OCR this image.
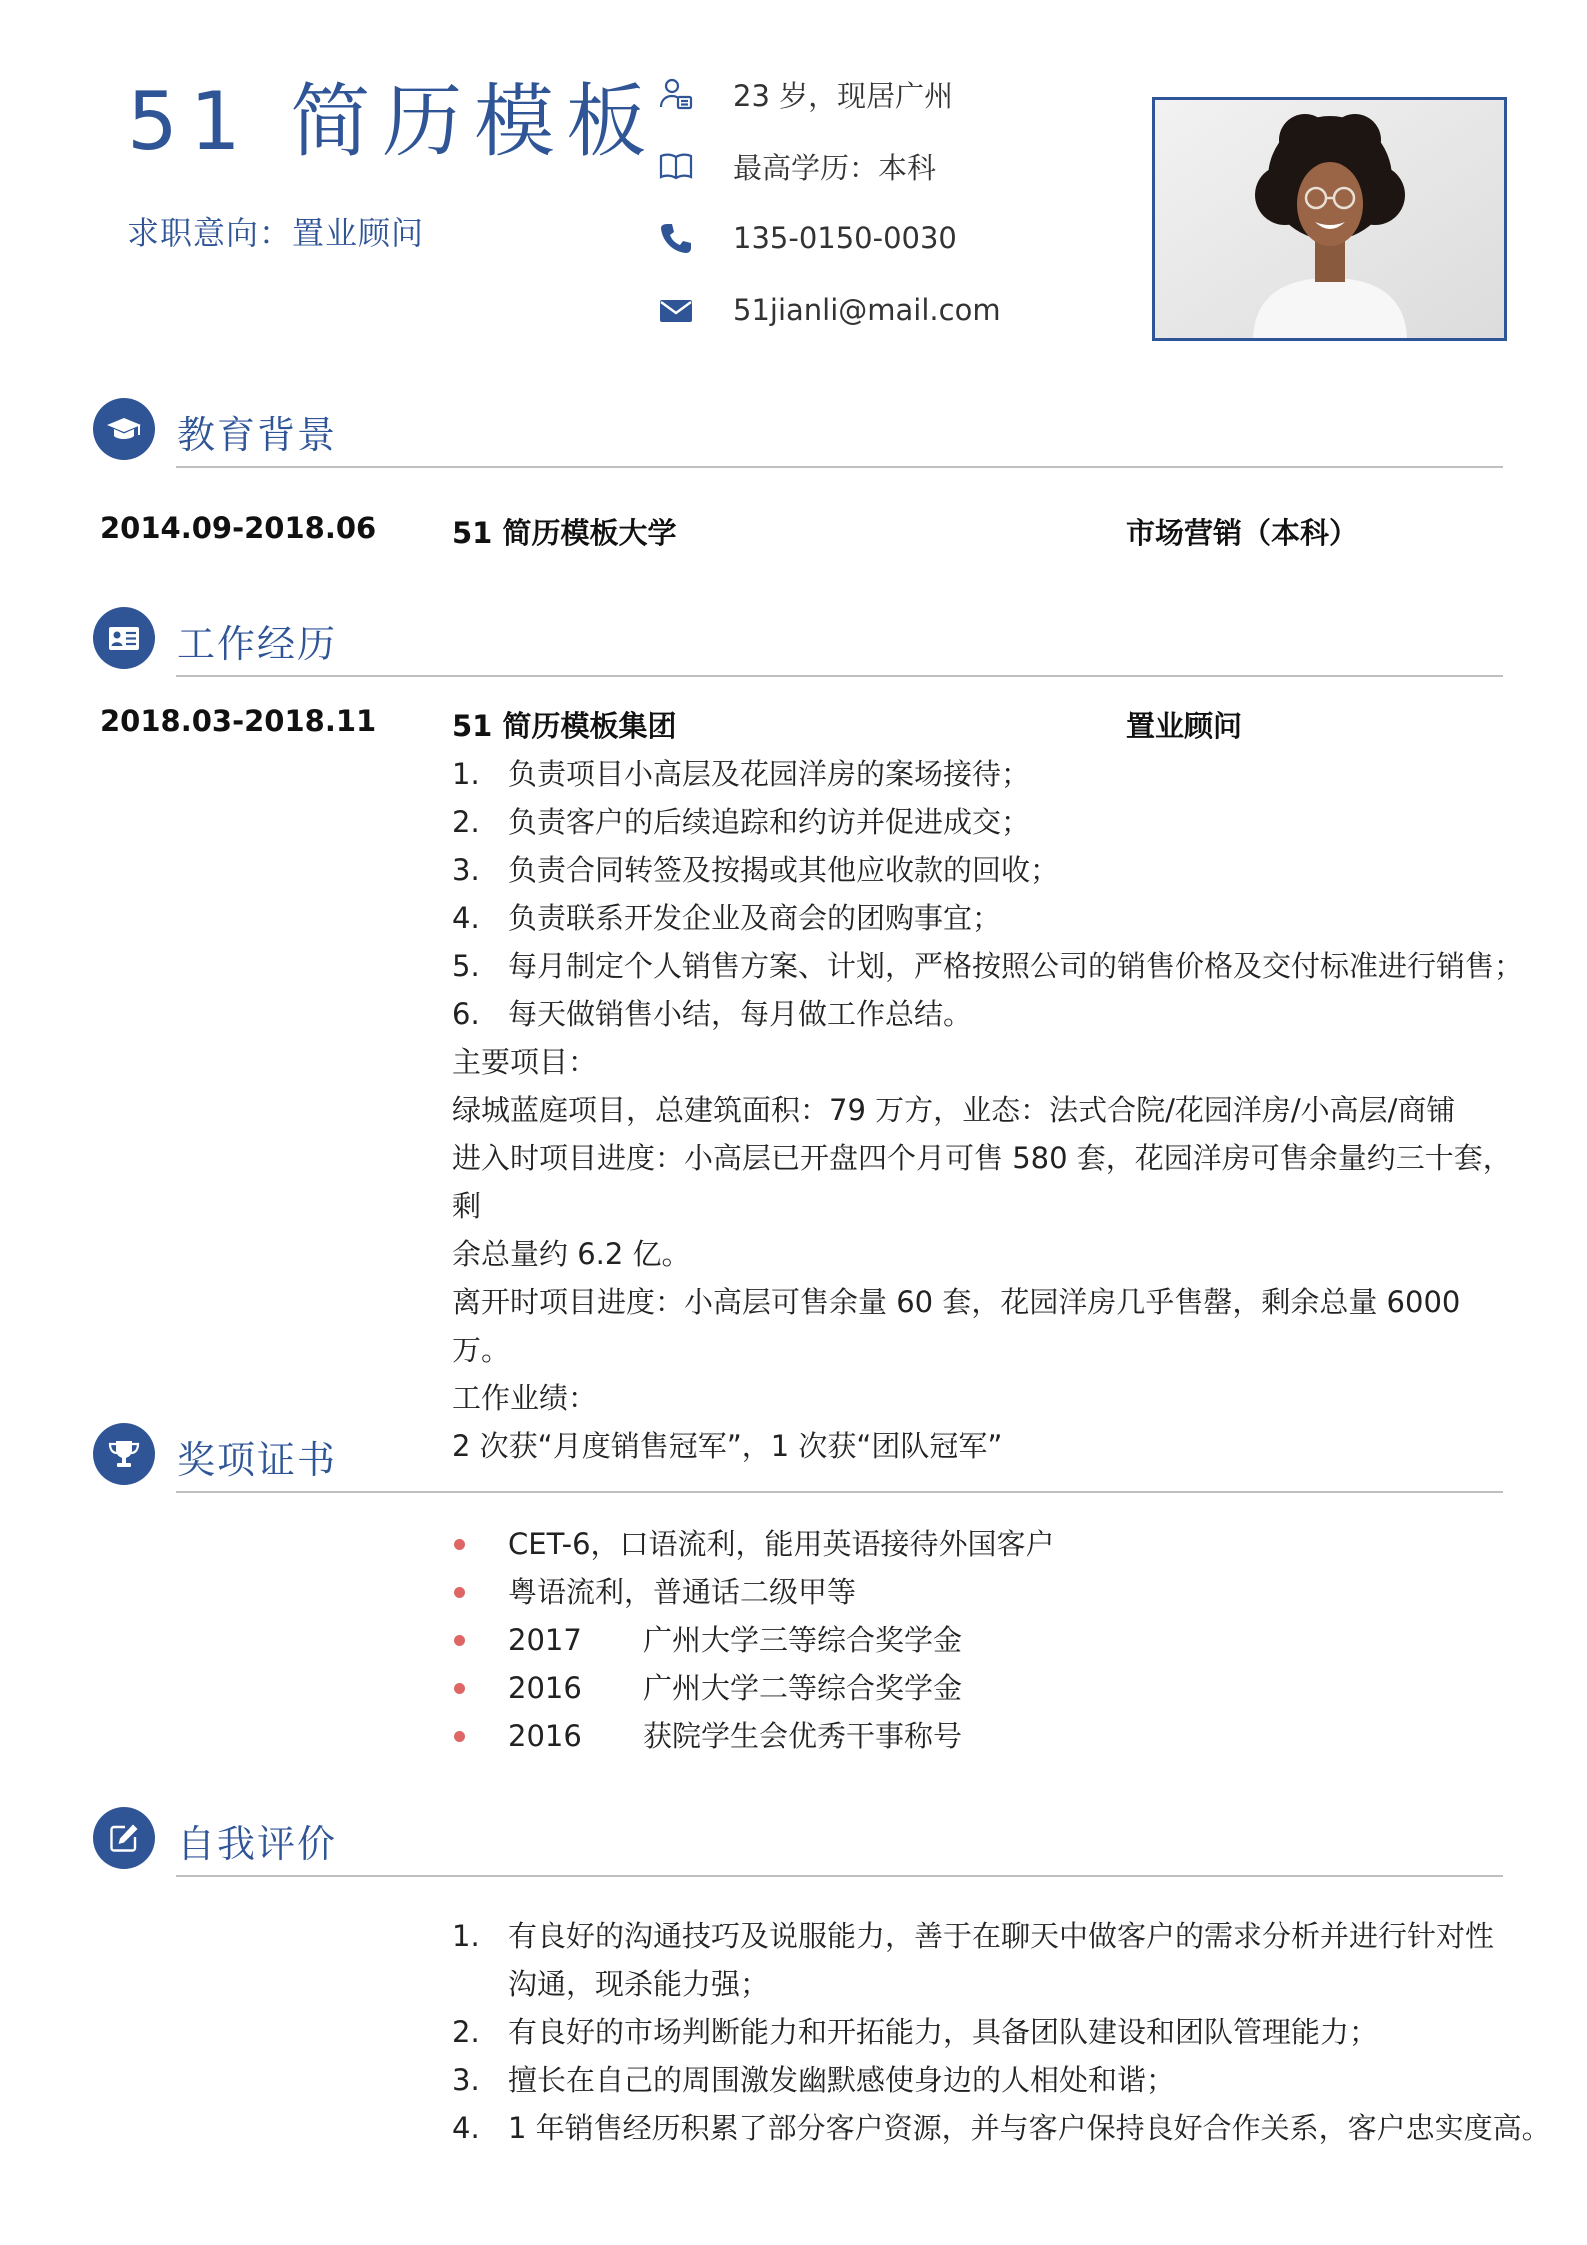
51 简历模板
求职意向：置业顾问
23 岁，现居广州
最高学历：本科
135-0150-0030
51jianli@mail.com
教育背景
2014.09-2018.06	51 简历模板大学	市场营销（本科）
工作经历
2018.03-2018.11	51 简历模板集团	置业顾问
1. 负责项目小高层及花园洋房的案场接待；
2. 负责客户的后续追踪和约访并促进成交；
3. 负责合同转签及按揭或其他应收款的回收；
4. 负责联系开发企业及商会的团购事宜；
5. 每月制定个人销售方案、计划，严格按照公司的销售价格及交付标准进行销售；
6. 每天做销售小结，每月做工作总结。
主要项目：
绿城蓝庭项目，总建筑面积：79 万方，业态：法式合院/花园洋房/小高层/商铺
进入时项目进度：小高层已开盘四个月可售 580 套，花园洋房可售余量约三十套，剩
余总量约 6.2 亿。
离开时项目进度：小高层可售余量 60 套，花园洋房几乎售罄，剩余总量 6000 万。
工作业绩：
2 次获“月度销售冠军”，1 次获“团队冠军”
奖项证书
CET-6，口语流利，能用英语接待外国客户
粤语流利，普通话二级甲等
2017 广州大学三等综合奖学金
2016 广州大学二等综合奖学金
2016 获院学生会优秀干事称号
自我评价
1. 有良好的沟通技巧及说服能力，善于在聊天中做客户的需求分析并进行针对性沟通，现杀能力强；
2. 有良好的市场判断能力和开拓能力，具备团队建设和团队管理能力；
3. 擅长在自己的周围激发幽默感使身边的人相处和谐；
4. 1 年销售经历积累了部分客户资源，并与客户保持良好合作关系，客户忠实度高。
